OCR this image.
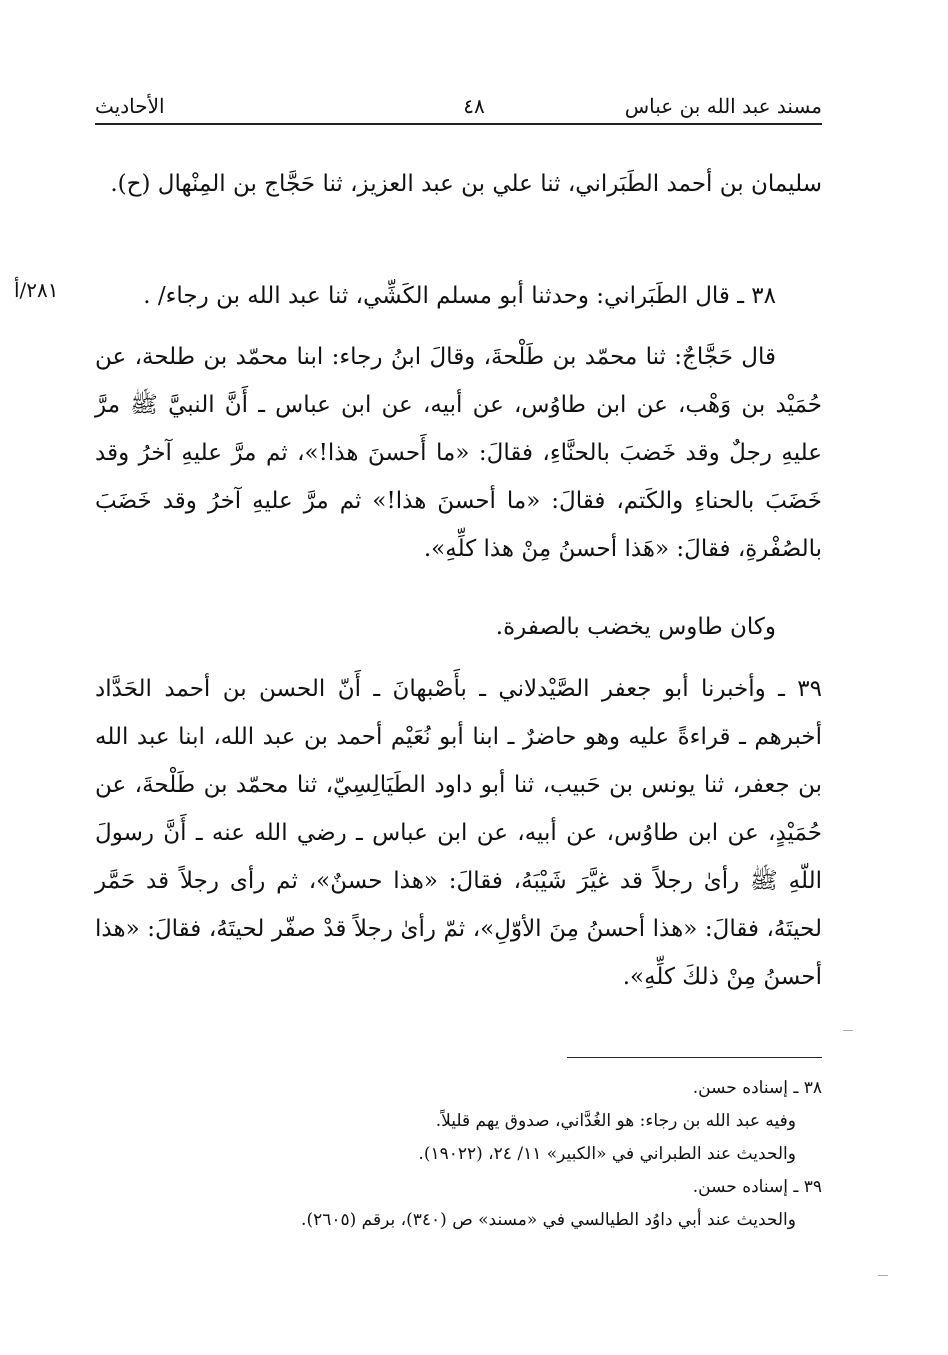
مسند عبد الله بن عباس
٤٨
الأحاديث
٢٨١/أ

سليمان بن أحمد الطَبَراني، ثنا علي بن عبد العزيز، ثنا حَجَّاج بن المِنْهال (ح).

٣٨ ـ قال الطَبَراني: وحدثنا أبو مسلم الكَشِّي، ثنا عبد الله بن رجاء/ .

قال حَجَّاجٌ: ثنا محمّد بن طَلْحةَ، وقالَ ابنُ رجاء: ابنا محمّد بن طلحة، عن حُمَيْد بن وَهْب، عن ابن طاوُس، عن أبيه، عن ابن عباس ـ أَنَّ النبيَّ ﷺ مرَّ عليهِ رجلٌ وقد خَضبَ بالحنَّاءِ، فقالَ: «ما أَحسنَ هذا!»، ثم مرَّ عليهِ آخرُ وقد خَضَبَ بالحناءِ والكَتم، فقالَ: «ما أحسنَ هذا!» ثم مرَّ عليهِ آخرُ وقد خَضَبَ بالصُفْرةِ، فقالَ: «هَذا أحسنُ مِنْ هذا كلِّهِ».

وكان طاوس يخضب بالصفرة.

٣٩ ـ وأخبرنا أبو جعفر الصَّيْدلاني ـ بأَصْبهانَ ـ أَنّ الحسن بن أحمد الحَدَّاد أخبرهم ـ قراءةً عليه وهو حاضرٌ ـ ابنا أبو نُعَيْم أحمد بن عبد الله، ابنا عبد الله بن جعفر، ثنا يونس بن حَبيب، ثنا أبو داود الطَيَالِسِيّ، ثنا محمّد بن طَلْحةَ، عن حُمَيْدٍ، عن ابن طاوُس، عن أبيه، عن ابن عباس ـ رضي الله عنه ـ أَنَّ رسولَ اللّهِ ﷺ رأىٰ رجلاً قد غيَّرَ شَيْبَهُ، فقالَ: «هذا حسنٌ»، ثم رأى رجلاً قد حَمَّر لحيتَهُ، فقالَ: «هذا أحسنُ مِنَ الأوّلِ»، ثمّ رأىٰ رجلاً قدْ صفّر لحيتَهُ، فقالَ: «هذا أحسنُ مِنْ ذلكَ كلِّهِ».

٣٨ ـ إسناده حسن.

وفيه عبد الله بن رجاء: هو الغُدَّاني، صدوق يهم قليلاً.

والحديث عند الطبراني في «الكبير» ١١/ ٢٤، (١٩٠٢٢).

٣٩ ـ إسناده حسن.

والحديث عند أبي داوُد الطيالسي في «مسند» ص (٣٤٠)، برقم (٢٦٠٥).
